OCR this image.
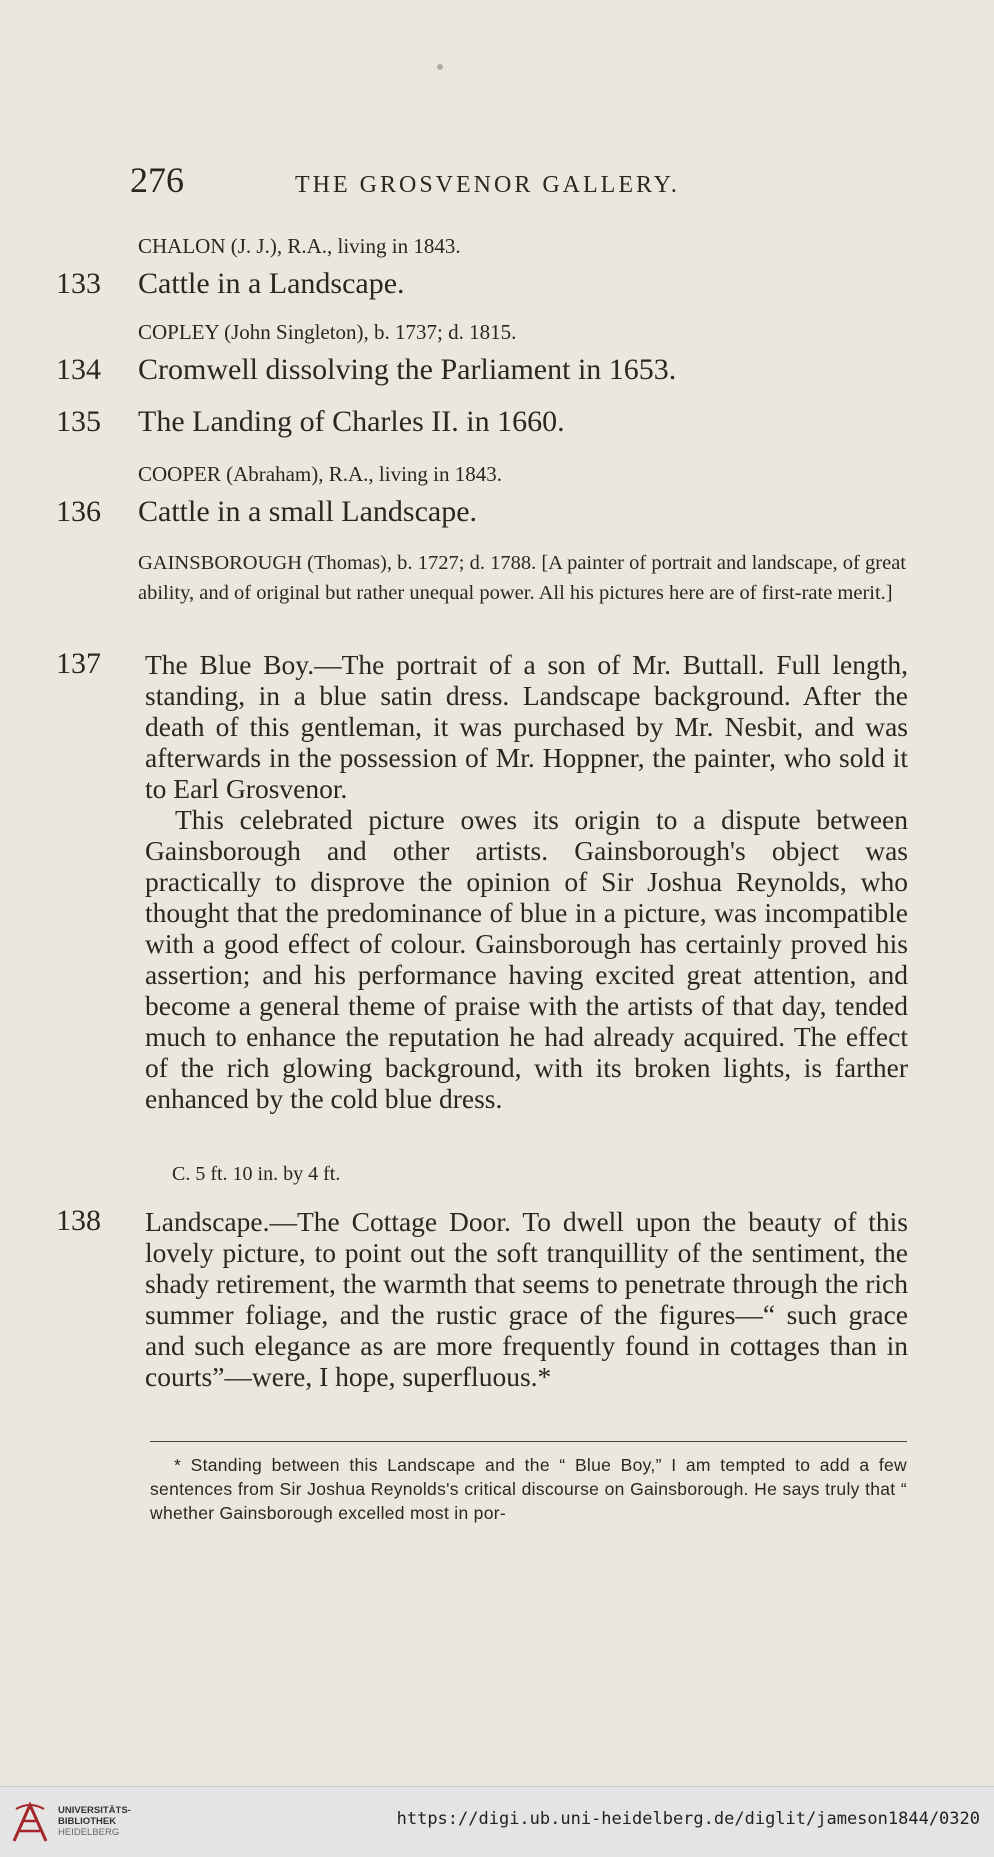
276	THE GROSVENOR GALLERY.
CHALON (J. J.), R.A., living in 1843.
133	Cattle in a Landscape.
COPLEY (John Singleton), b. 1737; d. 1815.
134	Cromwell dissolving the Parliament in 1653.
135	The Landing of Charles II. in 1660.
COOPER (Abraham), R.A., living in 1843.
136	Cattle in a small Landscape.
GAINSBOROUGH (Thomas), b. 1727; d. 1788. [A painter of portrait and landscape, of great ability, and of original but rather unequal power. All his pictures here are of first-rate merit.]
137	The Blue Boy.—The portrait of a son of Mr. Buttall. Full length, standing, in a blue satin dress. Landscape background. After the death of this gentleman, it was purchased by Mr. Nesbit, and was afterwards in the possession of Mr. Hoppner, the painter, who sold it to Earl Grosvenor.

This celebrated picture owes its origin to a dispute between Gainsborough and other artists. Gainsborough's object was practically to disprove the opinion of Sir Joshua Reynolds, who thought that the predominance of blue in a picture, was incompatible with a good effect of colour. Gainsborough has certainly proved his assertion; and his performance having excited great attention, and become a general theme of praise with the artists of that day, tended much to enhance the reputation he had already acquired. The effect of the rich glowing background, with its broken lights, is farther enhanced by the cold blue dress.

C. 5 ft. 10 in. by 4 ft.
138	Landscape.—The Cottage Door. To dwell upon the beauty of this lovely picture, to point out the soft tranquillity of the sentiment, the shady retirement, the warmth that seems to penetrate through the rich summer foliage, and the rustic grace of the figures—“ such grace and such elegance as are more frequently found in cottages than in courts”—were, I hope, superfluous.*

* Standing between this Landscape and the “ Blue Boy,” I am tempted to add a few sentences from Sir Joshua Reynolds's critical discourse on Gainsborough. He says truly that “ whether Gainsborough excelled most in por-

UNIVERSITÄTS-
BIBLIOTHEK
HEIDELBERG
https://digi.ub.uni-heidelberg.de/diglit/jameson1844/0320
